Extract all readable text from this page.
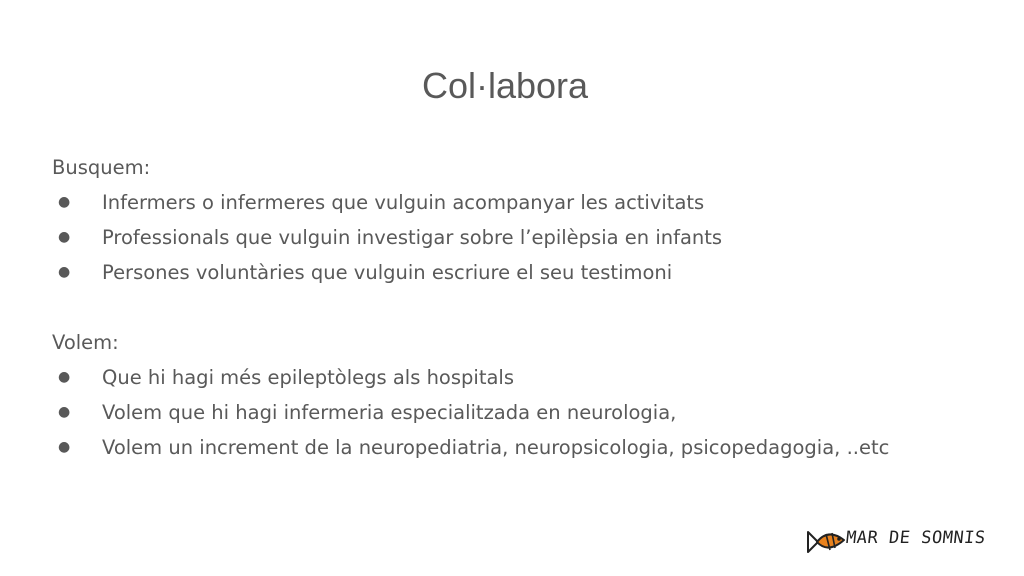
Col·labora
Busquem:
● Infermers o infermeres que vulguin acompanyar les activitats
● Professionals que vulguin investigar sobre l’epilèpsia en infants
● Persones voluntàries que vulguin escriure el seu testimoni
Volem:
● Que hi hagi més epileptòlegs als hospitals
● Volem que hi hagi infermeria especialitzada en neurologia,
● Volem un increment de la neuropediatria, neuropsicologia, psicopedagogia, ..etc
MAR DE SOMNIS
